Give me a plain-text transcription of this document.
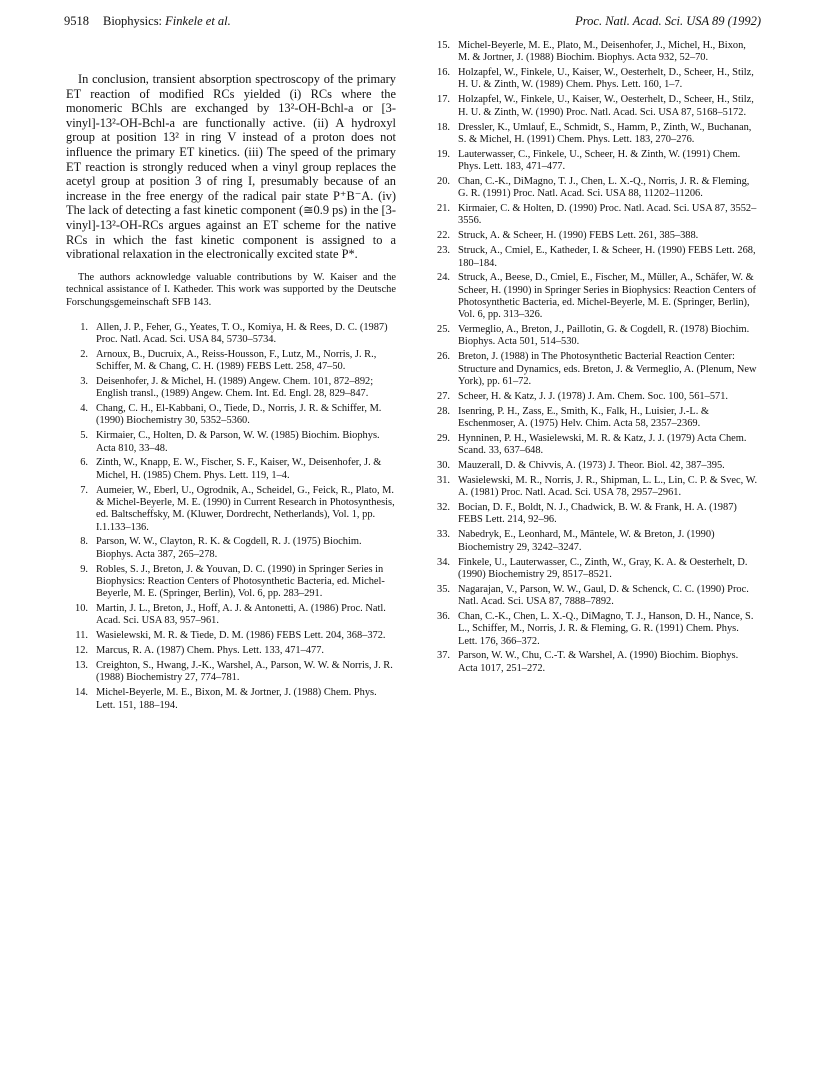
9518 Biophysics: Finkele et al.	Proc. Natl. Acad. Sci. USA 89 (1992)

In conclusion, transient absorption spectroscopy of the primary ET reaction of modified RCs yielded (i) RCs where the monomeric BChls are exchanged by 13²-OH-Bchl-a or [3-vinyl]-13²-OH-Bchl-a are functionally active. (ii) A hydroxyl group at position 13² in ring V instead of a proton does not influence the primary ET kinetics. (iii) The speed of the primary ET reaction is strongly reduced when a vinyl group replaces the acetyl group at position 3 of ring I, presumably because of an increase in the free energy of the radical pair state P⁺B⁻A. (iv) The lack of detecting a fast kinetic component (≅0.9 ps) in the [3-vinyl]-13²-OH-RCs argues against an ET scheme for the native RCs in which the fast kinetic component is assigned to a vibrational relaxation in the electronically excited state P*.

The authors acknowledge valuable contributions by W. Kaiser and the technical assistance of I. Katheder. This work was supported by the Deutsche Forschungsgemeinschaft SFB 143.

1. Allen, J. P., Feher, G., Yeates, T. O., Komiya, H. & Rees, D. C. (1987) Proc. Natl. Acad. Sci. USA 84, 5730–5734.
2. Arnoux, B., Ducruix, A., Reiss-Housson, F., Lutz, M., Norris, J. R., Schiffer, M. & Chang, C. H. (1989) FEBS Lett. 258, 47–50.
3. Deisenhofer, J. & Michel, H. (1989) Angew. Chem. 101, 872–892; English transl., (1989) Angew. Chem. Int. Ed. Engl. 28, 829–847.
4. Chang, C. H., El-Kabbani, O., Tiede, D., Norris, J. R. & Schiffer, M. (1990) Biochemistry 30, 5352–5360.
5. Kirmaier, C., Holten, D. & Parson, W. W. (1985) Biochim. Biophys. Acta 810, 33–48.
6. Zinth, W., Knapp, E. W., Fischer, S. F., Kaiser, W., Deisenhofer, J. & Michel, H. (1985) Chem. Phys. Lett. 119, 1–4.
7. Aumeier, W., Eberl, U., Ogrodnik, A., Scheidel, G., Feick, R., Plato, M. & Michel-Beyerle, M. E. (1990) in Current Research in Photosynthesis, ed. Baltscheffsky, M. (Kluwer, Dordrecht, Netherlands), Vol. 1, pp. I.1.133–136.
8. Parson, W. W., Clayton, R. K. & Cogdell, R. J. (1975) Biochim. Biophys. Acta 387, 265–278.
9. Robles, S. J., Breton, J. & Youvan, D. C. (1990) in Springer Series in Biophysics: Reaction Centers of Photosynthetic Bacteria, ed. Michel-Beyerle, M. E. (Springer, Berlin), Vol. 6, pp. 283–291.
10. Martin, J. L., Breton, J., Hoff, A. J. & Antonetti, A. (1986) Proc. Natl. Acad. Sci. USA 83, 957–961.
11. Wasielewski, M. R. & Tiede, D. M. (1986) FEBS Lett. 204, 368–372.
12. Marcus, R. A. (1987) Chem. Phys. Lett. 133, 471–477.
13. Creighton, S., Hwang, J.-K., Warshel, A., Parson, W. W. & Norris, J. R. (1988) Biochemistry 27, 774–781.
14. Michel-Beyerle, M. E., Bixon, M. & Jortner, J. (1988) Chem. Phys. Lett. 151, 188–194.
15. Michel-Beyerle, M. E., Plato, M., Deisenhofer, J., Michel, H., Bixon, M. & Jortner, J. (1988) Biochim. Biophys. Acta 932, 52–70.
16. Holzapfel, W., Finkele, U., Kaiser, W., Oesterhelt, D., Scheer, H., Stilz, H. U. & Zinth, W. (1989) Chem. Phys. Lett. 160, 1–7.
17. Holzapfel, W., Finkele, U., Kaiser, W., Oesterhelt, D., Scheer, H., Stilz, H. U. & Zinth, W. (1990) Proc. Natl. Acad. Sci. USA 87, 5168–5172.
18. Dressler, K., Umlauf, E., Schmidt, S., Hamm, P., Zinth, W., Buchanan, S. & Michel, H. (1991) Chem. Phys. Lett. 183, 270–276.
19. Lauterwasser, C., Finkele, U., Scheer, H. & Zinth, W. (1991) Chem. Phys. Lett. 183, 471–477.
20. Chan, C.-K., DiMagno, T. J., Chen, L. X.-Q., Norris, J. R. & Fleming, G. R. (1991) Proc. Natl. Acad. Sci. USA 88, 11202–11206.
21. Kirmaier, C. & Holten, D. (1990) Proc. Natl. Acad. Sci. USA 87, 3552–3556.
22. Struck, A. & Scheer, H. (1990) FEBS Lett. 261, 385–388.
23. Struck, A., Cmiel, E., Katheder, I. & Scheer, H. (1990) FEBS Lett. 268, 180–184.
24. Struck, A., Beese, D., Cmiel, E., Fischer, M., Müller, A., Schäfer, W. & Scheer, H. (1990) in Springer Series in Biophysics: Reaction Centers of Photosynthetic Bacteria, ed. Michel-Beyerle, M. E. (Springer, Berlin), Vol. 6, pp. 313–326.
25. Vermeglio, A., Breton, J., Paillotin, G. & Cogdell, R. (1978) Biochim. Biophys. Acta 501, 514–530.
26. Breton, J. (1988) in The Photosynthetic Bacterial Reaction Center: Structure and Dynamics, eds. Breton, J. & Vermeglio, A. (Plenum, New York), pp. 61–72.
27. Scheer, H. & Katz, J. J. (1978) J. Am. Chem. Soc. 100, 561–571.
28. Isenring, P. H., Zass, E., Smith, K., Falk, H., Luisier, J.-L. & Eschenmoser, A. (1975) Helv. Chim. Acta 58, 2357–2369.
29. Hynninen, P. H., Wasielewski, M. R. & Katz, J. J. (1979) Acta Chem. Scand. 33, 637–648.
30. Mauzerall, D. & Chivvis, A. (1973) J. Theor. Biol. 42, 387–395.
31. Wasielewski, M. R., Norris, J. R., Shipman, L. L., Lin, C. P. & Svec, W. A. (1981) Proc. Natl. Acad. Sci. USA 78, 2957–2961.
32. Bocian, D. F., Boldt, N. J., Chadwick, B. W. & Frank, H. A. (1987) FEBS Lett. 214, 92–96.
33. Nabedryk, E., Leonhard, M., Mäntele, W. & Breton, J. (1990) Biochemistry 29, 3242–3247.
34. Finkele, U., Lauterwasser, C., Zinth, W., Gray, K. A. & Oesterhelt, D. (1990) Biochemistry 29, 8517–8521.
35. Nagarajan, V., Parson, W. W., Gaul, D. & Schenck, C. C. (1990) Proc. Natl. Acad. Sci. USA 87, 7888–7892.
36. Chan, C.-K., Chen, L. X.-Q., DiMagno, T. J., Hanson, D. H., Nance, S. L., Schiffer, M., Norris, J. R. & Fleming, G. R. (1991) Chem. Phys. Lett. 176, 366–372.
37. Parson, W. W., Chu, C.-T. & Warshel, A. (1990) Biochim. Biophys. Acta 1017, 251–272.
